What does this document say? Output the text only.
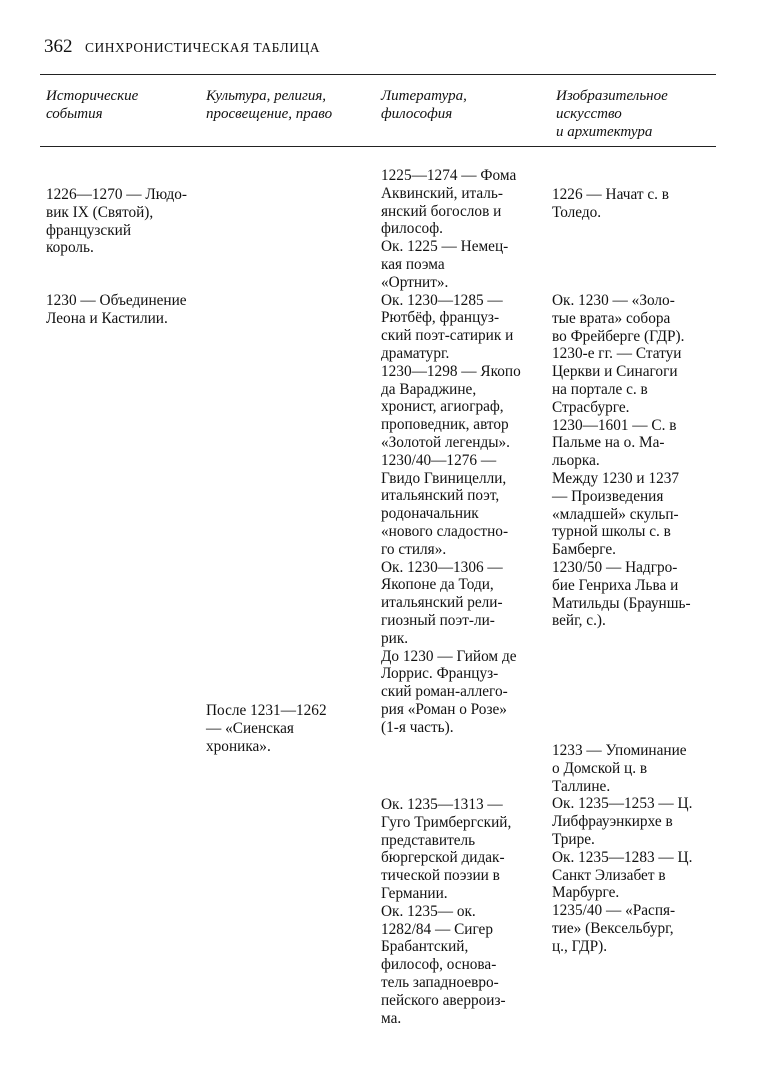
362 СИНХРОНИСТИЧЕСКАЯ ТАБЛИЦА
Исторические
события
Культура, религия,
просвещение, право
Литература,
философия
Изобразительное
искусство
и архитектура
1226—1270 — Людо-
вик IX (Святой),
французский
король.
1230 — Объединение
Леона и Кастилии.
После 1231—1262
— «Сиенская
хроника».
1225—1274 — Фома
Аквинский, италь-
янский богослов и
философ.
Ок. 1225 — Немец-
кая поэма
«Ортнит».
Ок. 1230—1285 —
Рютбёф, француз-
ский поэт-сатирик и
драматург.
1230—1298 — Якопо
да Вараджине,
хронист, агиограф,
проповедник, автор
«Золотой легенды».
1230/40—1276 —
Гвидо Гвиницелли,
итальянский поэт,
родоначальник
«нового сладостно-
го стиля».
Ок. 1230—1306 —
Якопоне да Тоди,
итальянский рели-
гиозный поэт-ли-
рик.
До 1230 — Гийом де
Лоррис. Француз-
ский роман-аллего-
рия «Роман о Розе»
(1-я часть).
Ок. 1235—1313 —
Гуго Тримбергский,
представитель
бюргерской дидак-
тической поэзии в
Германии.
Ок. 1235— ок.
1282/84 — Сигер
Брабантский,
философ, основа-
тель западноевро-
пейского аверроиз-
ма.
1226 — Начат с. в
Толедо.
Ок. 1230 — «Золо-
тые врата» собора
во Фрейберге (ГДР).
1230-е гг. — Статуи
Церкви и Синагоги
на портале с. в
Страсбурге.
1230—1601 — С. в
Пальме на о. Ма-
льорка.
Между 1230 и 1237
— Произведения
«младшей» скульп-
турной школы с. в
Бамберге.
1230/50 — Надгро-
бие Генриха Льва и
Матильды (Брауншь-
вейг, с.).
1233 — Упоминание
о Домской ц. в
Таллине.
Ок. 1235—1253 — Ц.
Либфрауэнкирхе в
Трире.
Ок. 1235—1283 — Ц.
Санкт Элизабет в
Марбурге.
1235/40 — «Распя-
тие» (Вексельбург,
ц., ГДР).
